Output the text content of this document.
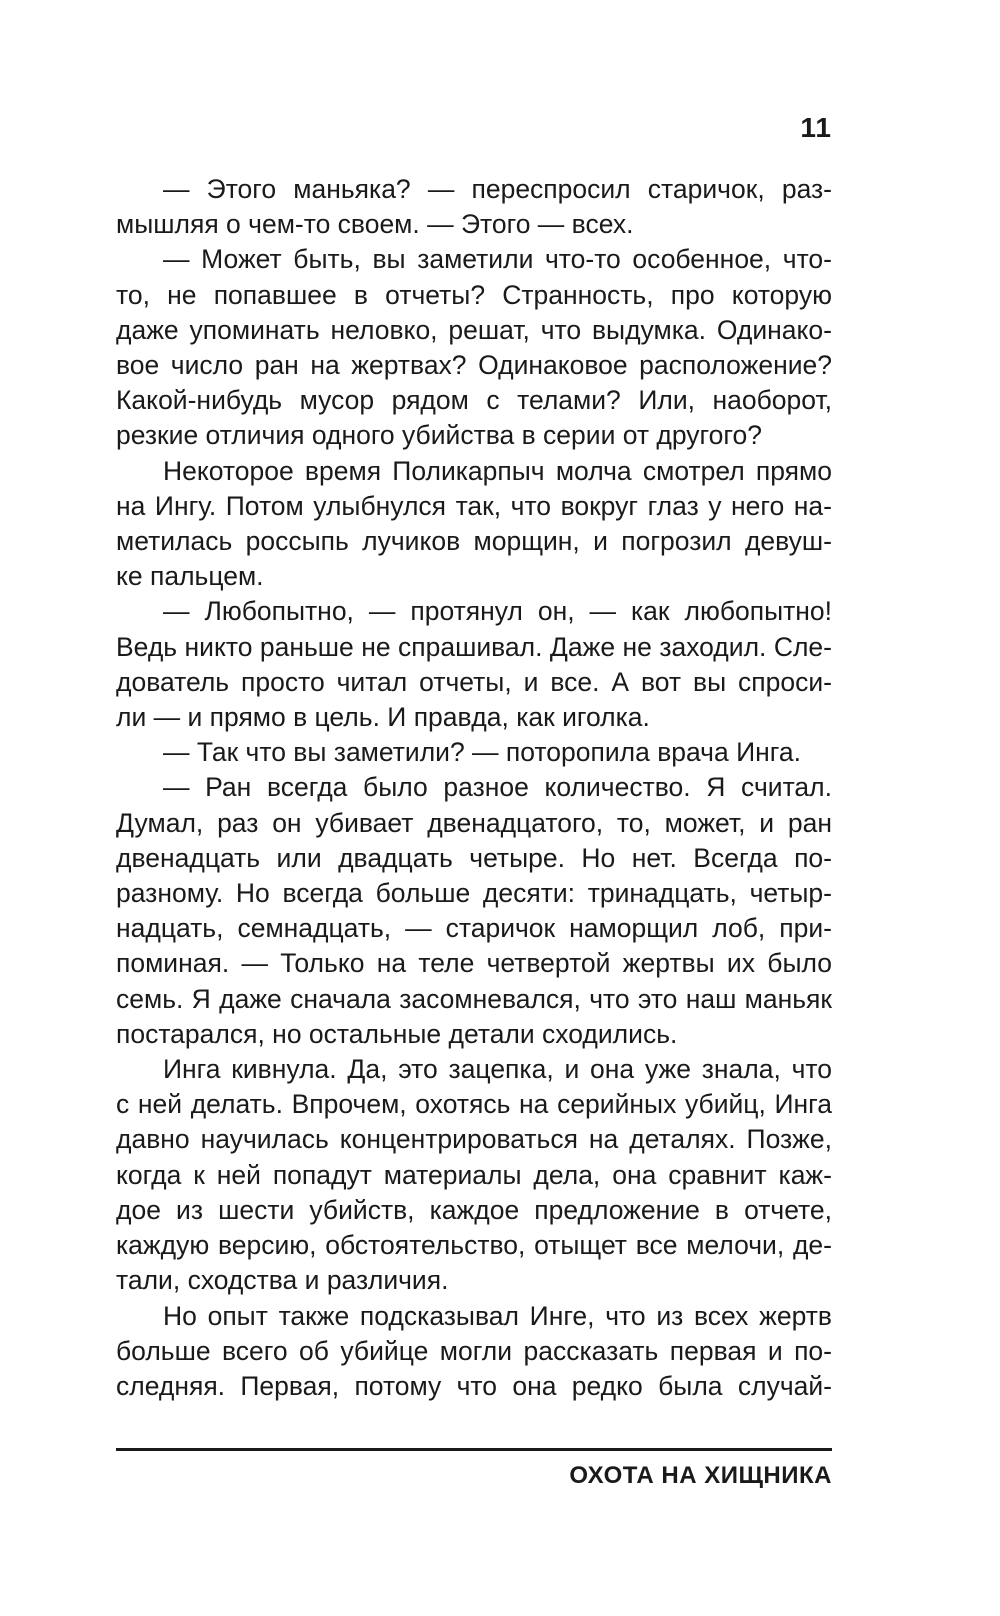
11
— Этого маньяка? — переспросил старичок, раз-
мышляя о чем-то своем. — Этого — всех.
— Может быть, вы заметили что-то особенное, что-
то, не попавшее в отчеты? Странность, про которую
даже упоминать неловко, решат, что выдумка. Одинако-
вое число ран на жертвах? Одинаковое расположение?
Какой-нибудь мусор рядом с телами? Или, наоборот,
резкие отличия одного убийства в серии от другого?
Некоторое время Поликарпыч молча смотрел прямо
на Ингу. Потом улыбнулся так, что вокруг глаз у него на-
метилась россыпь лучиков морщин, и погрозил девуш-
ке пальцем.
— Любопытно, — протянул он, — как любопытно!
Ведь никто раньше не спрашивал. Даже не заходил. Сле-
дователь просто читал отчеты, и все. А вот вы спроси-
ли — и прямо в цель. И правда, как иголка.
— Так что вы заметили? — поторопила врача Инга.
— Ран всегда было разное количество. Я считал.
Думал, раз он убивает двенадцатого, то, может, и ран
двенадцать или двадцать четыре. Но нет. Всегда по-
разному. Но всегда больше десяти: тринадцать, четыр-
надцать, семнадцать, — старичок наморщил лоб, при-
поминая. — Только на теле четвертой жертвы их было
семь. Я даже сначала засомневался, что это наш маньяк
постарался, но остальные детали сходились.
Инга кивнула. Да, это зацепка, и она уже знала, что
с ней делать. Впрочем, охотясь на серийных убийц, Инга
давно научилась концентрироваться на деталях. Позже,
когда к ней попадут материалы дела, она сравнит каж-
дое из шести убийств, каждое предложение в отчете,
каждую версию, обстоятельство, отыщет все мелочи, де-
тали, сходства и различия.
Но опыт также подсказывал Инге, что из всех жертв
больше всего об убийце могли рассказать первая и по-
следняя. Первая, потому что она редко была случай-
ОХОТА НА ХИЩНИКА
